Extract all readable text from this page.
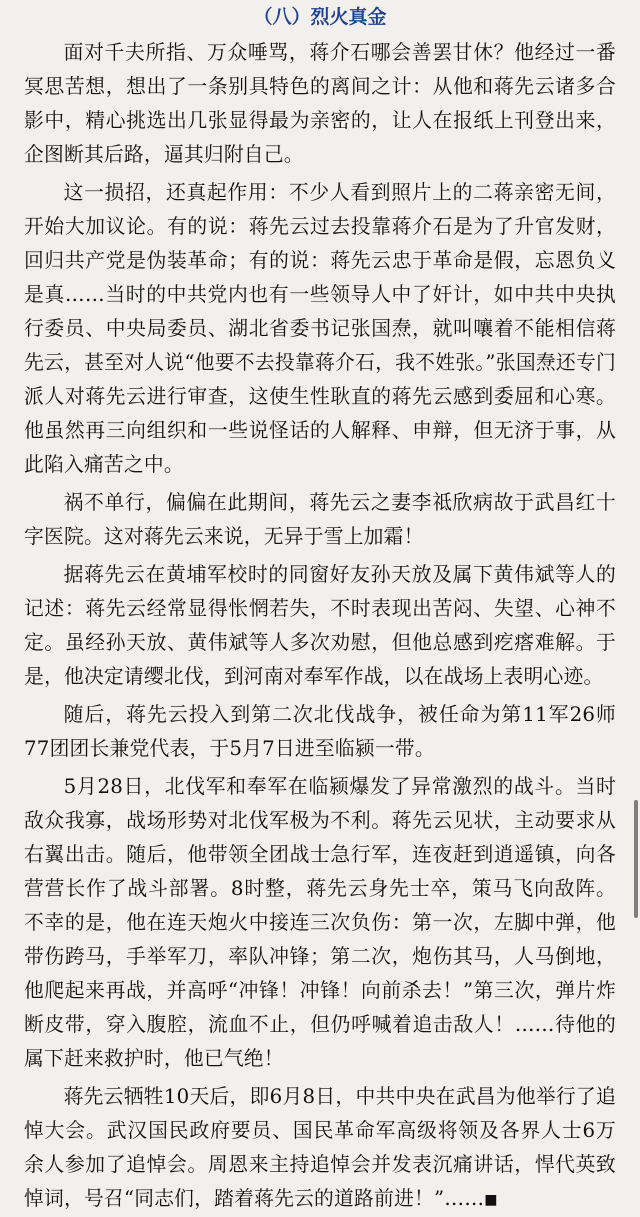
（八）烈火真金

面对千夫所指、万众唾骂，蒋介石哪会善罢甘休？他经过一番冥思苦想，想出了一条别具特色的离间之计：从他和蒋先云诸多合影中，精心挑选出几张显得最为亲密的，让人在报纸上刊登出来，企图断其后路，逼其归附自己。

这一损招，还真起作用：不少人看到照片上的二蒋亲密无间，开始大加议论。有的说：蒋先云过去投靠蒋介石是为了升官发财，回归共产党是伪装革命；有的说：蒋先云忠于革命是假，忘恩负义是真……当时的中共党内也有一些领导人中了奸计，如中共中央执行委员、中央局委员、湖北省委书记张国焘，就叫嚷着不能相信蒋先云，甚至对人说“他要不去投靠蒋介石，我不姓张。”张国焘还专门派人对蒋先云进行审查，这使生性耿直的蒋先云感到委屈和心寒。他虽然再三向组织和一些说怪话的人解释、申辩，但无济于事，从此陷入痛苦之中。

祸不单行，偏偏在此期间，蒋先云之妻李祗欣病故于武昌红十字医院。这对蒋先云来说，无异于雪上加霜！

据蒋先云在黄埔军校时的同窗好友孙天放及属下黄伟斌等人的记述：蒋先云经常显得怅惘若失，不时表现出苦闷、失望、心神不定。虽经孙天放、黄伟斌等人多次劝慰，但他总感到疙瘩难解。于是，他决定请缨北伐，到河南对奉军作战，以在战场上表明心迹。

随后，蒋先云投入到第二次北伐战争，被任命为第11军26师77团团长兼党代表，于5月7日进至临颍一带。

5月28日，北伐军和奉军在临颍爆发了异常激烈的战斗。当时敌众我寡，战场形势对北伐军极为不利。蒋先云见状，主动要求从右翼出击。随后，他带领全团战士急行军，连夜赶到逍遥镇，向各营营长作了战斗部署。8时整，蒋先云身先士卒，策马飞向敌阵。不幸的是，他在连天炮火中接连三次负伤：第一次，左脚中弹，他带伤跨马，手举军刀，率队冲锋；第二次，炮伤其马，人马倒地，他爬起来再战，并高呼“冲锋！冲锋！向前杀去！”第三次，弹片炸断皮带，穿入腹腔，流血不止，但仍呼喊着追击敌人！……待他的属下赶来救护时，他已气绝！

蒋先云牺牲10天后，即6月8日，中共中央在武昌为他举行了追悼大会。武汉国民政府要员、国民革命军高级将领及各界人士6万余人参加了追悼会。周恩来主持追悼会并发表沉痛讲话，悍代英致悼词，号召“同志们，踏着蒋先云的道路前进！”……■
